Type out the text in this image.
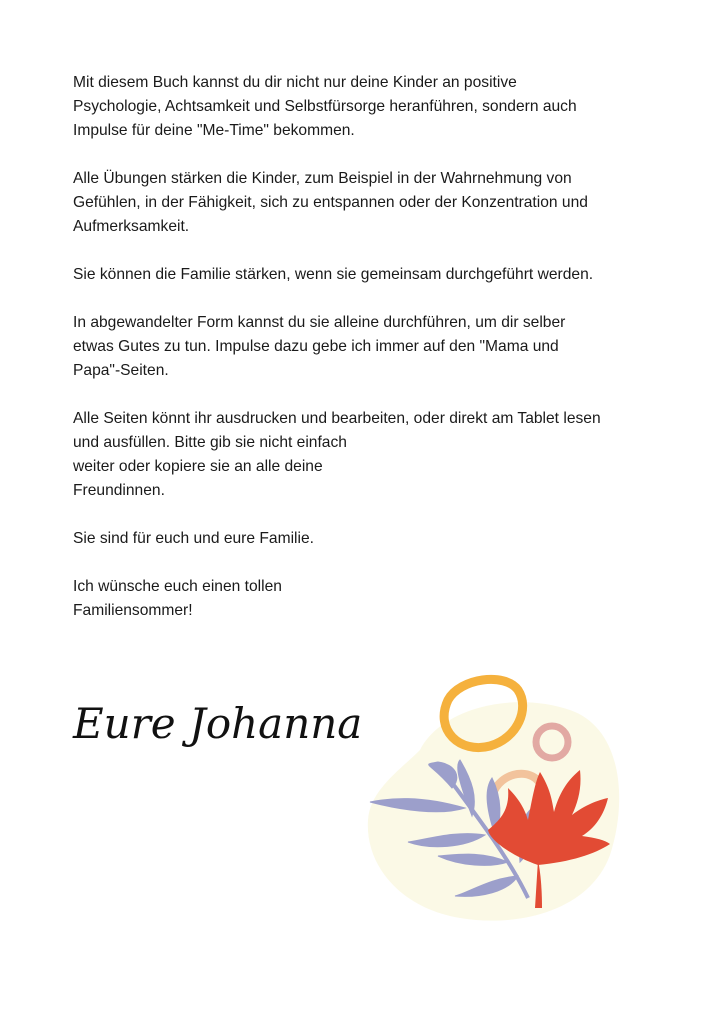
Mit diesem Buch kannst du dir nicht nur deine Kinder an positive
Psychologie, Achtsamkeit und Selbstfürsorge heranführen, sondern auch
Impulse für deine "Me-Time" bekommen.

Alle Übungen stärken die Kinder, zum Beispiel in der Wahrnehmung von
Gefühlen, in der Fähigkeit, sich zu entspannen oder der Konzentration und
Aufmerksamkeit.

Sie können die Familie stärken, wenn sie gemeinsam durchgeführt werden.

In abgewandelter Form kannst du sie alleine durchführen, um dir selber
etwas Gutes zu tun. Impulse dazu gebe ich immer auf den "Mama und
Papa"-Seiten.

Alle Seiten könnt ihr ausdrucken und bearbeiten, oder direkt am Tablet lesen
und ausfüllen. Bitte gib sie nicht einfach
weiter oder kopiere sie an alle deine
Freundinnen.

Sie sind für euch und eure Familie.

Ich wünsche euch einen tollen
Familiensommer!

Eure Johanna
